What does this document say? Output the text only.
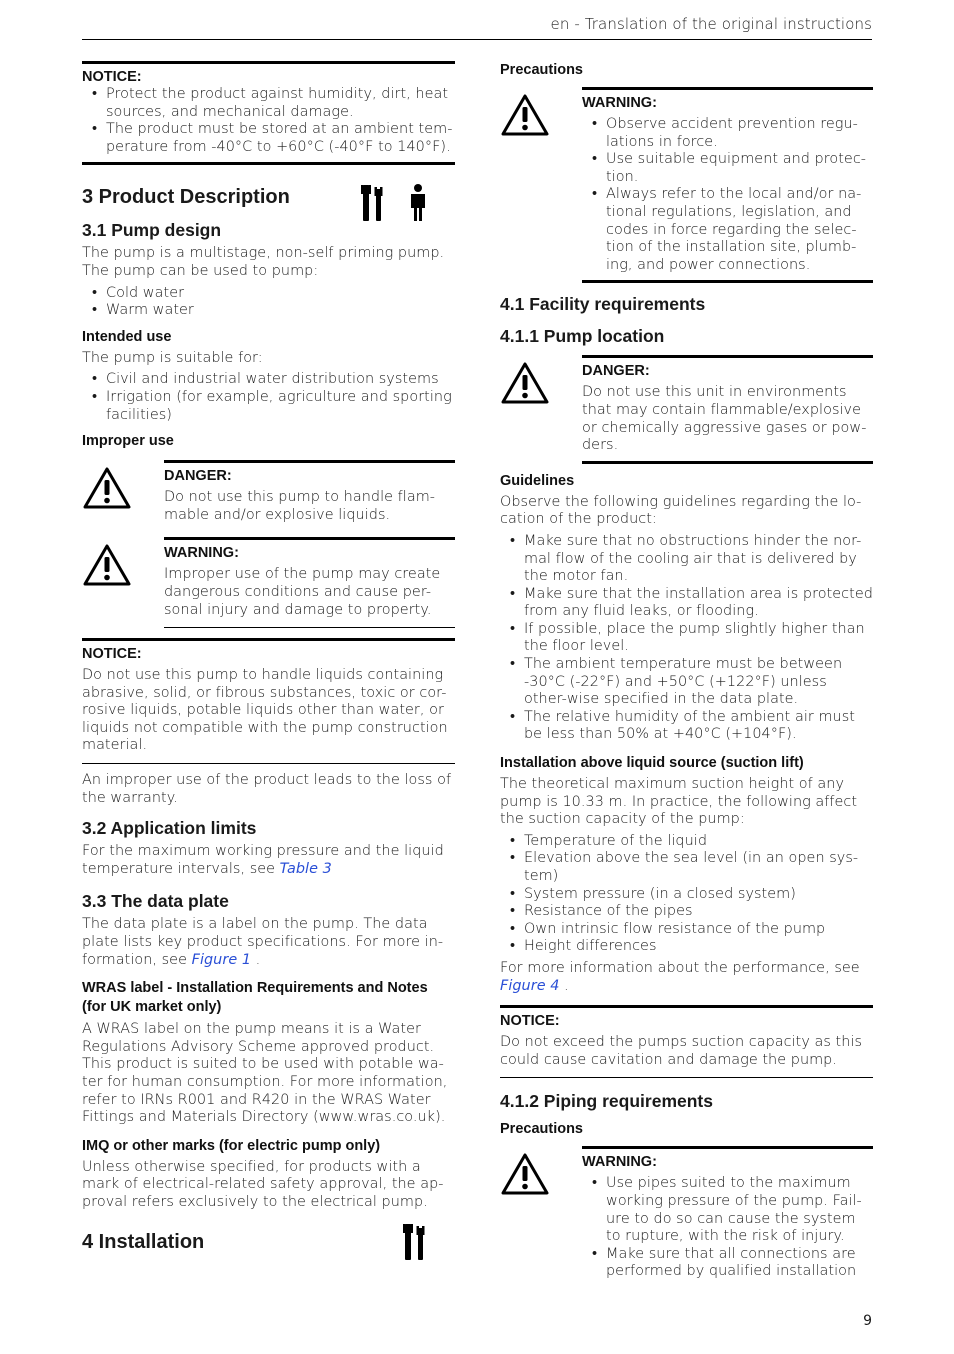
en - Translation of the original instructions
NOTICE:
• Protect the product against humidity, dirt, heat sources, and mechanical damage.
• The product must be stored at an ambient tem-perature from -40°C to +60°C (-40°F to 140°F).
3 Product Description
3.1 Pump design

The pump is a multistage, non-self priming pump. The pump can be used to pump:

• Cold water
• Warm water
Intended use

The pump is suitable for:

• Civil and industrial water distribution systems
• Irrigation (for example, agriculture and sporting facilities)
Improper use
DANGER:

Do not use this pump to handle flam-mable and/or explosive liquids.

WARNING:

Improper use of the pump may create dangerous conditions and cause per-sonal injury and damage to property.

NOTICE:

Do not use this pump to handle liquids containing abrasive, solid, or fibrous substances, toxic or cor-rosive liquids, potable liquids other than water, or liquids not compatible with the pump construction material.

An improper use of the product leads to the loss of the warranty.

3.2 Application limits

For the maximum working pressure and the liquid temperature intervals, see Table 3

3.3 The data plate

The data plate is a label on the pump. The data plate lists key product specifications. For more in-formation, see Figure 1 .

WRAS label - Installation Requirements and Notes (for UK market only)

A WRAS label on the pump means it is a Water Regulations Advisory Scheme approved product. This product is suited to be used with potable wa-ter for human consumption. For more information, refer to IRNs R001 and R420 in the WRAS Water Fittings and Materials Directory (www.wras.co.uk).

IMQ or other marks (for electric pump only)

Unless otherwise specified, for products with a mark of electrical-related safety approval, the ap-proval refers exclusively to the electrical pump.

4 Installation
Precautions
WARNING:
• Observe accident prevention regu-lations in force.
• Use suitable equipment and protec-tion.
• Always refer to the local and/or na-tional regulations, legislation, and codes in force regarding the selec-tion of the installation site, plumb-ing, and power connections.
4.1 Facility requirements
4.1.1 Pump location
DANGER:

Do not use this unit in environments that may contain flammable/explosive or chemically aggressive gases or pow-ders.

Guidelines

Observe the following guidelines regarding the lo-cation of the product:

• Make sure that no obstructions hinder the nor-mal flow of the cooling air that is delivered by the motor fan.
• Make sure that the installation area is protected from any fluid leaks, or flooding.
• If possible, place the pump slightly higher than the floor level.
• The ambient temperature must be between -30°C (-22°F) and +50°C (+122°F) unless other-wise specified in the data plate.
• The relative humidity of the ambient air must be less than 50% at +40°C (+104°F).
Installation above liquid source (suction lift)

The theoretical maximum suction height of any pump is 10.33 m. In practice, the following affect the suction capacity of the pump:

• Temperature of the liquid
• Elevation above the sea level (in an open sys-tem)
• System pressure (in a closed system)
• Resistance of the pipes
• Own intrinsic flow resistance of the pump
• Height differences

For more information about the performance, see Figure 4 .

NOTICE:

Do not exceed the pumps suction capacity as this could cause cavitation and damage the pump.

4.1.2 Piping requirements
Precautions
WARNING:
• Use pipes suited to the maximum working pressure of the pump. Fail-ure to do so can cause the system to rupture, with the risk of injury.
• Make sure that all connections are performed by qualified installation
9
